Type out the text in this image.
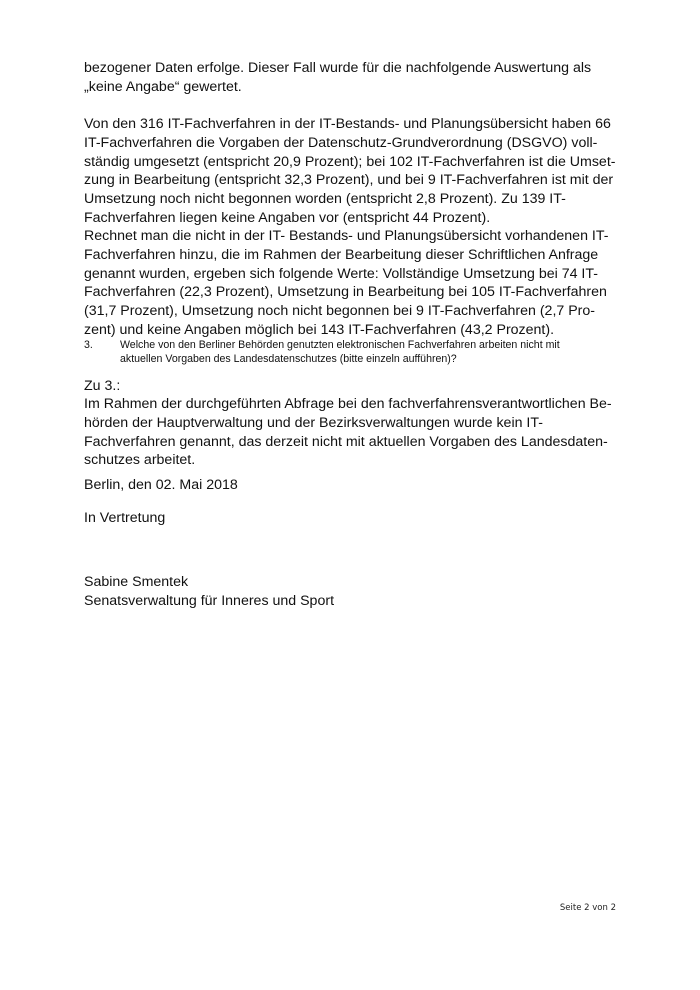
bezogener Daten erfolge. Dieser Fall wurde für die nachfolgende Auswertung als
„keine Angabe“ gewertet.

Von den 316 IT-Fachverfahren in der IT-Bestands- und Planungsübersicht haben 66
IT-Fachverfahren die Vorgaben der Datenschutz-Grundverordnung (DSGVO) voll-
ständig umgesetzt (entspricht 20,9 Prozent); bei 102 IT-Fachverfahren ist die Umset-
zung in Bearbeitung (entspricht 32,3 Prozent), und bei 9 IT-Fachverfahren ist mit der
Umsetzung noch nicht begonnen worden (entspricht 2,8 Prozent). Zu 139 IT-
Fachverfahren liegen keine Angaben vor (entspricht 44 Prozent).

Rechnet man die nicht in der IT- Bestands- und Planungsübersicht vorhandenen IT-
Fachverfahren hinzu, die im Rahmen der Bearbeitung dieser Schriftlichen Anfrage
genannt wurden, ergeben sich folgende Werte: Vollständige Umsetzung bei 74 IT-
Fachverfahren (22,3 Prozent), Umsetzung in Bearbeitung bei 105 IT-Fachverfahren
(31,7 Prozent), Umsetzung noch nicht begonnen bei 9 IT-Fachverfahren (2,7 Pro-
zent) und keine Angaben möglich bei 143 IT-Fachverfahren (43,2 Prozent).

3.	Welche von den Berliner Behörden genutzten elektronischen Fachverfahren arbeiten nicht mit
aktuellen Vorgaben des Landesdatenschutzes (bitte einzeln aufführen)?

Zu 3.:

Im Rahmen der durchgeführten Abfrage bei den fachverfahrensverantwortlichen Be-
hörden der Hauptverwaltung und der Bezirksverwaltungen wurde kein IT-
Fachverfahren genannt, das derzeit nicht mit aktuellen Vorgaben des Landesdaten-
schutzes arbeitet.

Berlin, den 02. Mai 2018

In Vertretung

Sabine Smentek
Senatsverwaltung für Inneres und Sport

Seite 2 von 2
